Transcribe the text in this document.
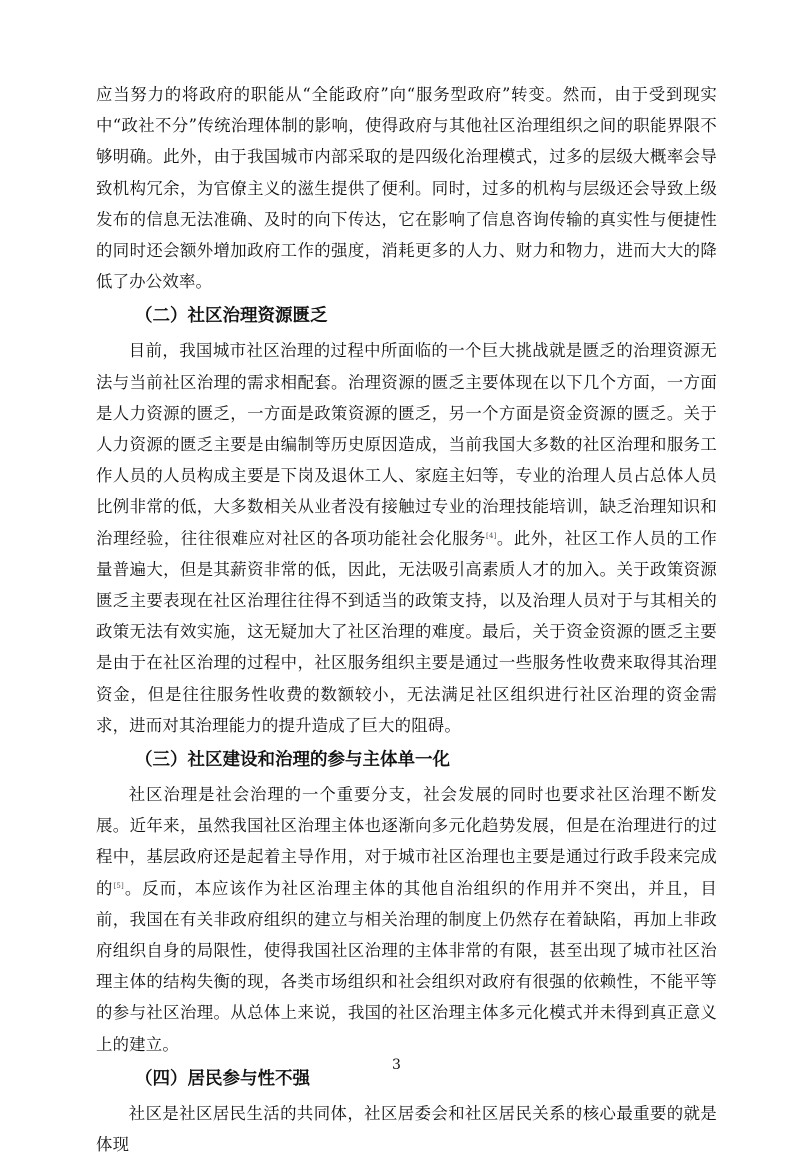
应当努力的将政府的职能从“全能政府”向“服务型政府”转变。然而，由于受到现实中“政社不分”传统治理体制的影响，使得政府与其他社区治理组织之间的职能界限不够明确。此外，由于我国城市内部采取的是四级化治理模式，过多的层级大概率会导致机构冗余，为官僚主义的滋生提供了便利。同时，过多的机构与层级还会导致上级发布的信息无法准确、及时的向下传达，它在影响了信息咨询传输的真实性与便捷性的同时还会额外增加政府工作的强度，消耗更多的人力、财力和物力，进而大大的降低了办公效率。

（二）社区治理资源匮乏

目前，我国城市社区治理的过程中所面临的一个巨大挑战就是匮乏的治理资源无法与当前社区治理的需求相配套。治理资源的匮乏主要体现在以下几个方面，一方面是人力资源的匮乏，一方面是政策资源的匮乏，另一个方面是资金资源的匮乏。关于人力资源的匮乏主要是由编制等历史原因造成，当前我国大多数的社区治理和服务工作人员的人员构成主要是下岗及退休工人、家庭主妇等，专业的治理人员占总体人员比例非常的低，大多数相关从业者没有接触过专业的治理技能培训，缺乏治理知识和治理经验，往往很难应对社区的各项功能社会化服务[4]。此外，社区工作人员的工作量普遍大，但是其薪资非常的低，因此，无法吸引高素质人才的加入。关于政策资源匮乏主要表现在社区治理往往得不到适当的政策支持，以及治理人员对于与其相关的政策无法有效实施，这无疑加大了社区治理的难度。最后，关于资金资源的匮乏主要是由于在社区治理的过程中，社区服务组织主要是通过一些服务性收费来取得其治理资金，但是往往服务性收费的数额较小，无法满足社区组织进行社区治理的资金需求，进而对其治理能力的提升造成了巨大的阻碍。

（三）社区建设和治理的参与主体单一化

社区治理是社会治理的一个重要分支，社会发展的同时也要求社区治理不断发展。近年来，虽然我国社区治理主体也逐渐向多元化趋势发展，但是在治理进行的过程中，基层政府还是起着主导作用，对于城市社区治理也主要是通过行政手段来完成的[5]。反而，本应该作为社区治理主体的其他自治组织的作用并不突出，并且，目前，我国在有关非政府组织的建立与相关治理的制度上仍然存在着缺陷，再加上非政府组织自身的局限性，使得我国社区治理的主体非常的有限，甚至出现了城市社区治理主体的结构失衡的现，各类市场组织和社会组织对政府有很强的依赖性，不能平等的参与社区治理。从总体上来说，我国的社区治理主体多元化模式并未得到真正意义上的建立。

（四）居民参与性不强

社区是社区居民生活的共同体，社区居委会和社区居民关系的核心最重要的就是体现

3
